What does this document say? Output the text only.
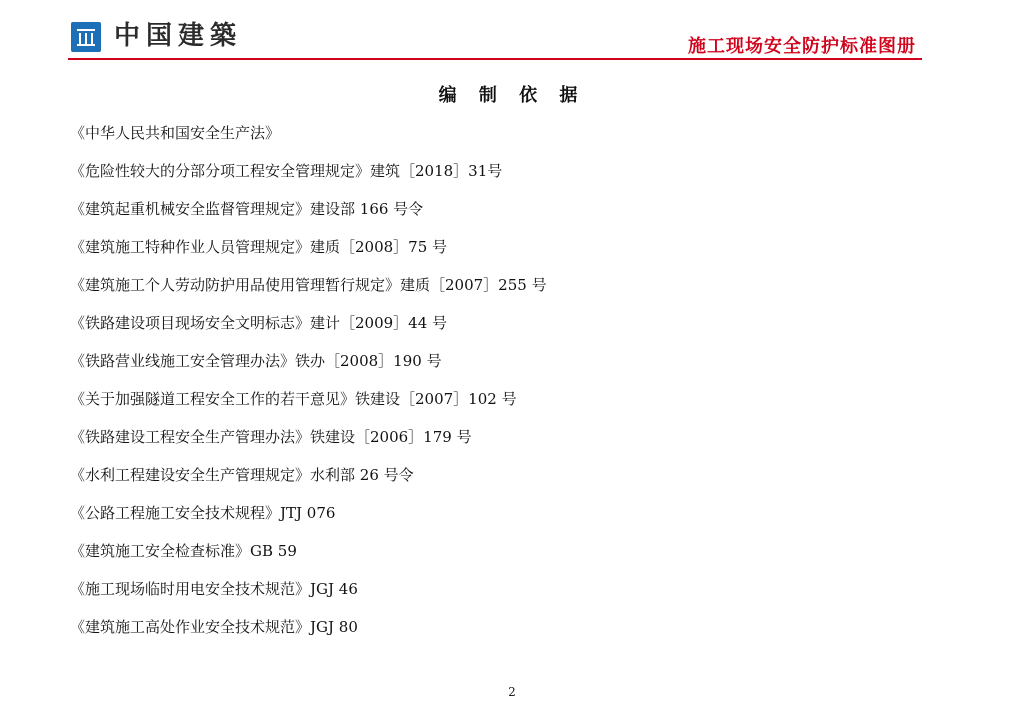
中国建築	施工现场安全防护标准图册
编 制 依 据
《中华人民共和国安全生产法》
《危险性较大的分部分项工程安全管理规定》建筑［2018］31号
《建筑起重机械安全监督管理规定》建设部 166 号令
《建筑施工特种作业人员管理规定》建质［2008］75 号
《建筑施工个人劳动防护用品使用管理暂行规定》建质［2007］255 号
《铁路建设项目现场安全文明标志》建计［2009］44 号
《铁路营业线施工安全管理办法》铁办［2008］190 号
《关于加强隧道工程安全工作的若干意见》铁建设［2007］102 号
《铁路建设工程安全生产管理办法》铁建设［2006］179 号
《水利工程建设安全生产管理规定》水利部 26 号令
《公路工程施工安全技术规程》JTJ 076
《建筑施工安全检查标准》GB 59
《施工现场临时用电安全技术规范》JGJ 46
《建筑施工高处作业安全技术规范》JGJ 80
2
